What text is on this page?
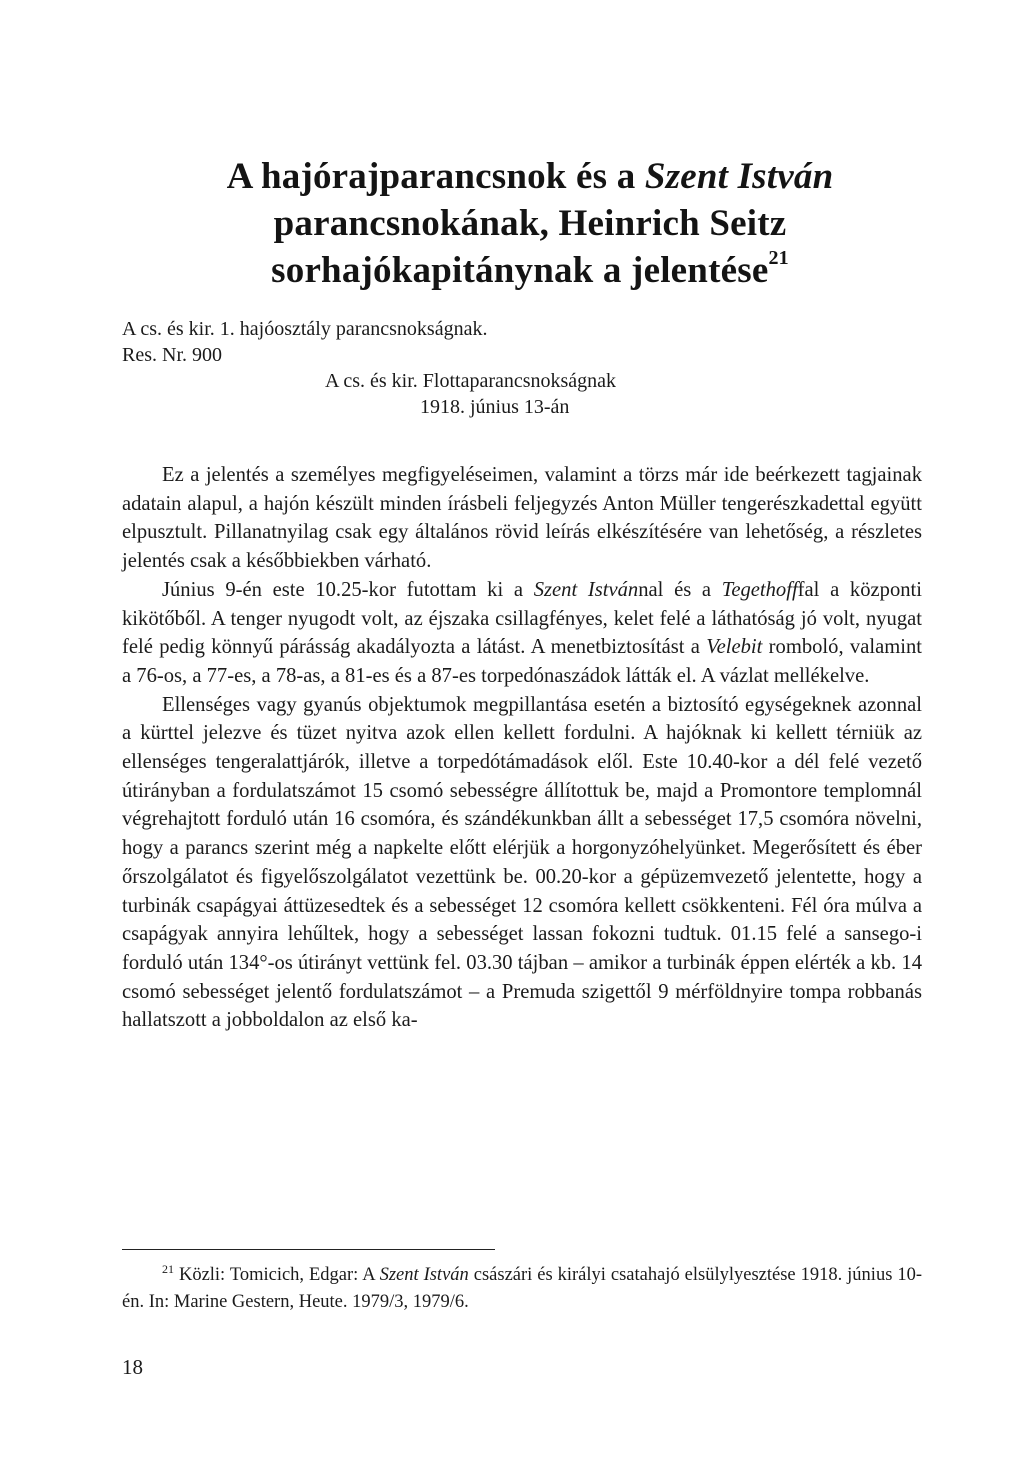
A hajórajparancsnok és a Szent István
parancsnokának, Heinrich Seitz
sorhajókapitánynak a jelentése$^{21}$
A cs. és kir. 1. hajóosztály parancsnokságnak.
Res. Nr. 900
A cs. és kir. Flottaparancsnokságnak
1918. június 13-án

Ez a jelentés a személyes megfigyeléseimen, valamint a törzs már ide beérkezett tagjainak adatain alapul, a hajón készült minden írásbeli feljegyzés Anton Müller tengerészkadettal együtt elpusztult. Pillanatnyilag csak egy általános rövid leírás elkészítésére van lehetőség, a részletes jelentés csak a későbbiekben várható.

Június 9-én este 10.25-kor futottam ki a Szent Istvánnal és a Tegethofffal a központi kikötőből. A tenger nyugodt volt, az éjszaka csillagfényes, kelet felé a láthatóság jó volt, nyugat felé pedig könnyű párásság akadályozta a látást. A menetbiztosítást a Velebit romboló, valamint a 76-os, a 77-es, a 78-as, a 81-es és a 87-es torpedónaszádok látták el. A vázlat mellékelve.

Ellenséges vagy gyanús objektumok megpillantása esetén a biztosító egységeknek azonnal a kürttel jelezve és tüzet nyitva azok ellen kellett fordulni. A hajóknak ki kellett térniük az ellenséges tengeralattjárók, illetve a torpedótámadások elől. Este 10.40-kor a dél felé vezető útirányban a fordulatszámot 15 csomó sebességre állítottuk be, majd a Promontore templomnál végrehajtott forduló után 16 csomóra, és szándékunkban állt a sebességet 17,5 csomóra növelni, hogy a parancs szerint még a napkelte előtt elérjük a horgonyzóhelyünket. Megerősített és éber őrszolgálatot és figyelőszolgálatot vezettünk be. 00.20-kor a gépüzemvezető jelentette, hogy a turbinák csapágyai áttüzesedtek és a sebességet 12 csomóra kellett csökkenteni. Fél óra múlva a csapágyak annyira lehűltek, hogy a sebességet lassan fokozni tudtuk. 01.15 felé a sansego-i forduló után 134°-os útirányt vettünk fel. 03.30 tájban – amikor a turbinák éppen elérték a kb. 14 csomó sebességet jelentő fordulatszámot – a Premuda szigettől 9 mérföldnyire tompa robbanás hallatszott a jobboldalon az első ka-

$^{21}$ Közli: Tomicich, Edgar: A Szent István császári és királyi csatahajó elsülylyesztése 1918. június 10-én. In: Marine Gestern, Heute. 1979/3, 1979/6.
18
